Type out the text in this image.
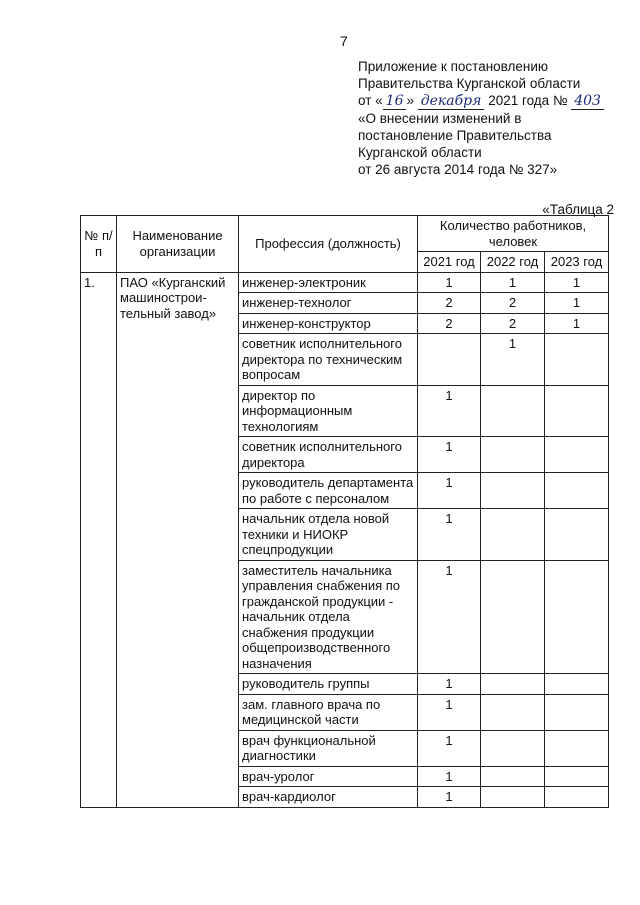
7
Приложение к постановлению
Правительства Курганской области
от « 16 » декабря 2021 года № 403
«О внесении изменений в
постановление Правительства
Курганской области
от 26 августа 2014 года № 327»
«Таблица 2
№ п/п	Наименование организации	Профессия (должность)	Количество работников, человек		
			2021 год	2022 год	2023 год
1.	ПАО «Курганский машинострои-тельный завод»	инженер-электроник	1	1	1
		инженер-технолог	2	2	1
		инженер-конструктор	2	2	1
		советник исполнительного директора по техническим вопросам		1	
		директор по информационным технологиям	1		
		советник исполнительного директора	1		
		руководитель департамента по работе с персоналом	1		
		начальник отдела новой техники и НИОКР спецпродукции	1		
		заместитель начальника управления снабжения по гражданской продукции - начальник отдела снабжения продукции общепроизводственного назначения	1		
		руководитель группы	1		
		зам. главного врача по медицинской части	1		
		врач функциональной диагностики	1		
		врач-уролог	1		
		врач-кардиолог	1		
